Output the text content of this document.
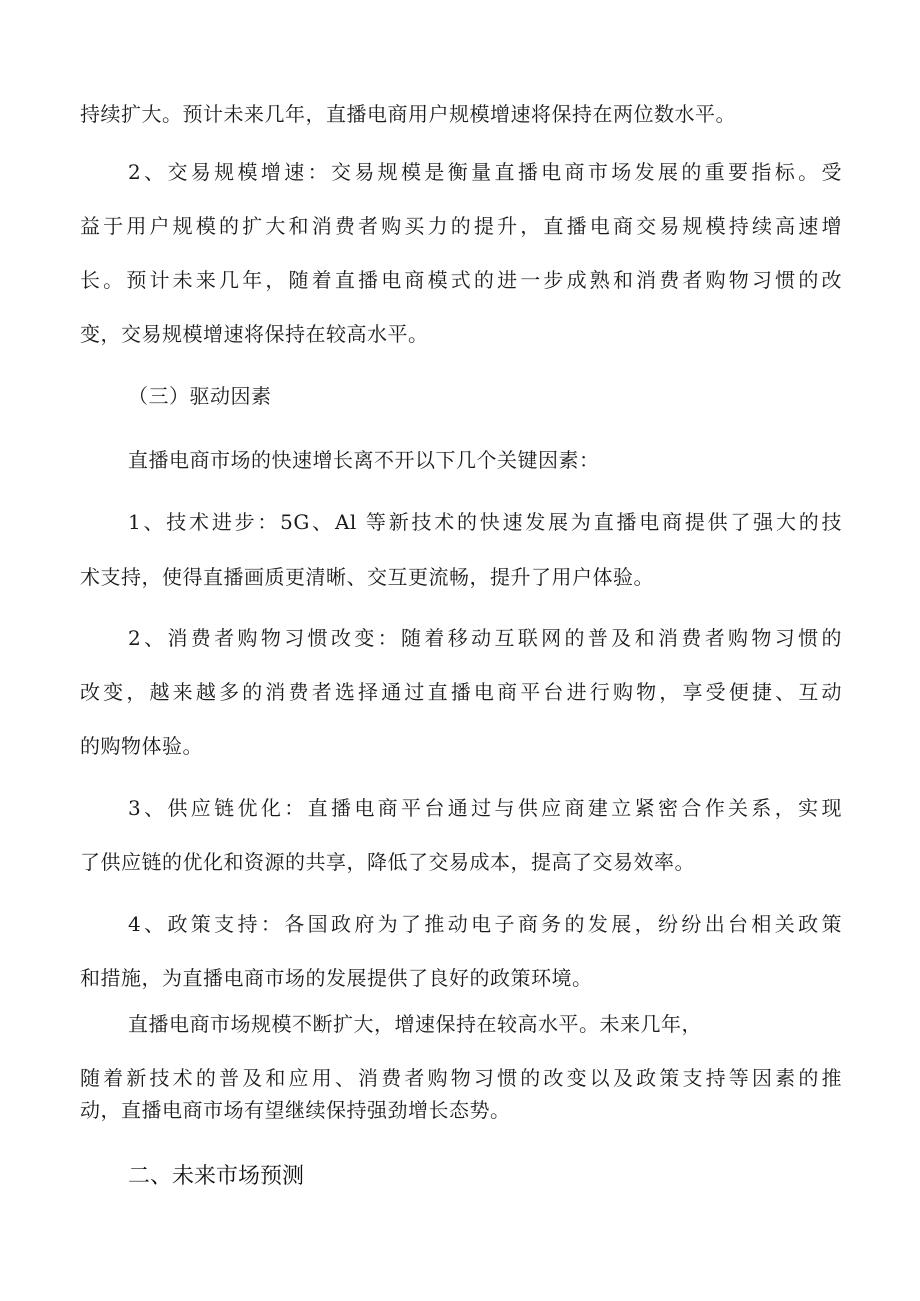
持续扩大。预计未来几年，直播电商用户规模增速将保持在两位数水平。
2、交易规模增速：交易规模是衡量直播电商市场发展的重要指标。受
益于用户规模的扩大和消费者购买力的提升，直播电商交易规模持续高速增
长。预计未来几年，随着直播电商模式的进一步成熟和消费者购物习惯的改
变，交易规模增速将保持在较高水平。
（三）驱动因素
直播电商市场的快速增长离不开以下几个关键因素：
1、技术进步：5G、Al 等新技术的快速发展为直播电商提供了强大的技
术支持，使得直播画质更清晰、交互更流畅，提升了用户体验。
2、消费者购物习惯改变：随着移动互联网的普及和消费者购物习惯的
改变，越来越多的消费者选择通过直播电商平台进行购物，享受便捷、互动
的购物体验。
3、供应链优化：直播电商平台通过与供应商建立紧密合作关系，实现
了供应链的优化和资源的共享，降低了交易成本，提高了交易效率。
4、政策支持：各国政府为了推动电子商务的发展，纷纷出台相关政策
和措施，为直播电商市场的发展提供了良好的政策环境。
直播电商市场规模不断扩大，增速保持在较高水平。未来几年，
随着新技术的普及和应用、消费者购物习惯的改变以及政策支持等因素的推
动，直播电商市场有望继续保持强劲增长态势。
二、未来市场预测
